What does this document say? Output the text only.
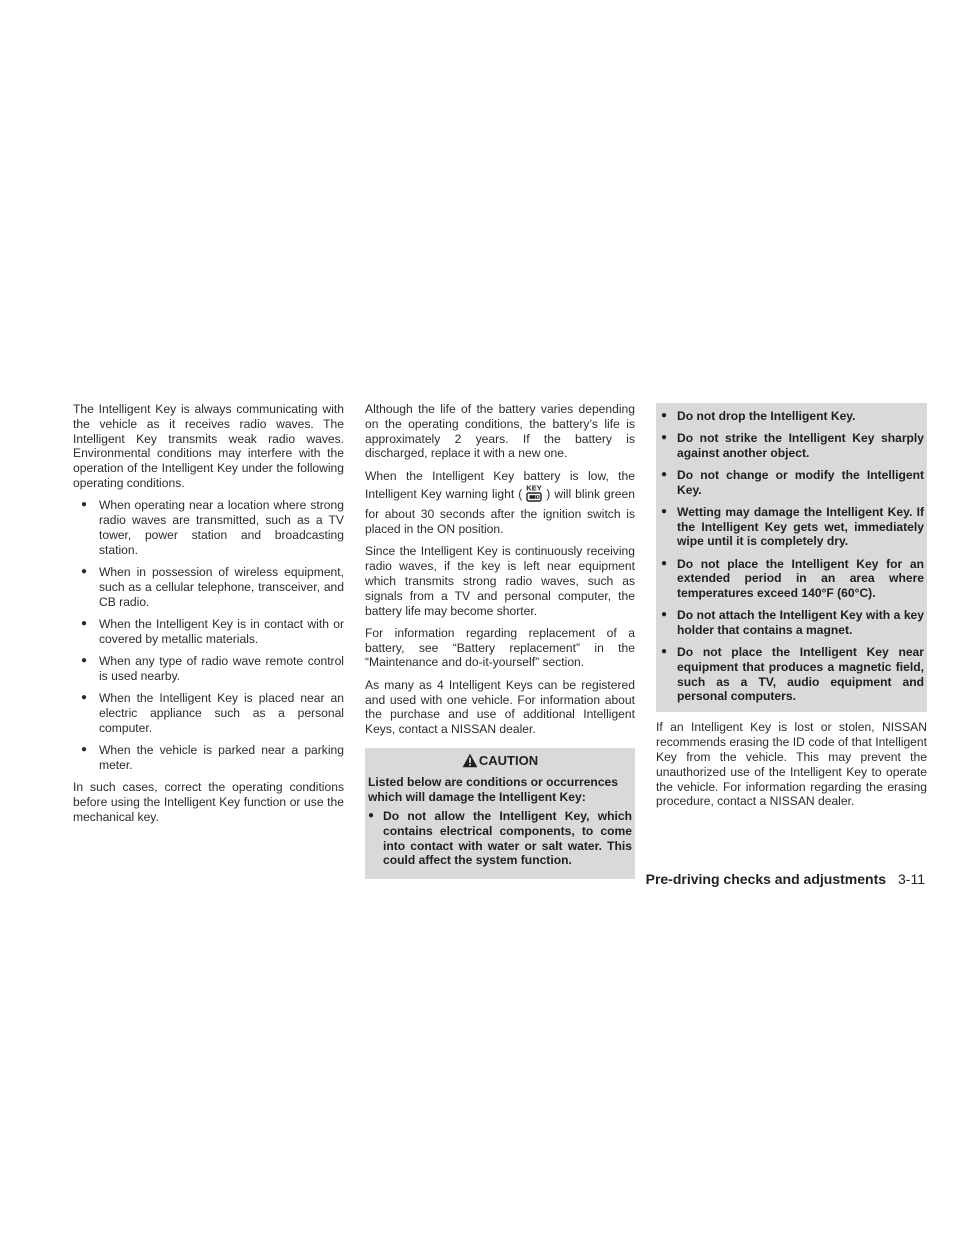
The Intelligent Key is always communicating with the vehicle as it receives radio waves. The Intelligent Key transmits weak radio waves. Environmental conditions may interfere with the operation of the Intelligent Key under the following operating conditions.

● When operating near a location where strong radio waves are transmitted, such as a TV tower, power station and broadcasting station.
● When in possession of wireless equipment, such as a cellular telephone, transceiver, and CB radio.
● When the Intelligent Key is in contact with or covered by metallic materials.
● When any type of radio wave remote control is used nearby.
● When the Intelligent Key is placed near an electric appliance such as a personal computer.
● When the vehicle is parked near a parking meter.

In such cases, correct the operating conditions before using the Intelligent Key function or use the mechanical key.

Although the life of the battery varies depending on the operating conditions, the battery’s life is approximately 2 years. If the battery is discharged, replace it with a new one.

When the Intelligent Key battery is low, the Intelligent Key warning light ( KEY ) will blink green for about 30 seconds after the ignition switch is placed in the ON position.

Since the Intelligent Key is continuously receiving radio waves, if the key is left near equipment which transmits strong radio waves, such as signals from a TV and personal computer, the battery life may become shorter.

For information regarding replacement of a battery, see “Battery replacement” in the “Maintenance and do-it-yourself” section.

As many as 4 Intelligent Keys can be registered and used with one vehicle. For information about the purchase and use of additional Intelligent Keys, contact a NISSAN dealer.

CAUTION

Listed below are conditions or occurrences which will damage the Intelligent Key:

● Do not allow the Intelligent Key, which contains electrical components, to come into contact with water or salt water. This could affect the system function.
● Do not drop the Intelligent Key.
● Do not strike the Intelligent Key sharply against another object.
● Do not change or modify the Intelligent Key.
● Wetting may damage the Intelligent Key. If the Intelligent Key gets wet, immediately wipe until it is completely dry.
● Do not place the Intelligent Key for an extended period in an area where temperatures exceed 140°F (60°C).
● Do not attach the Intelligent Key with a key holder that contains a magnet.
● Do not place the Intelligent Key near equipment that produces a magnetic field, such as a TV, audio equipment and personal computers.

If an Intelligent Key is lost or stolen, NISSAN recommends erasing the ID code of that Intelligent Key from the vehicle. This may prevent the unauthorized use of the Intelligent Key to operate the vehicle. For information regarding the erasing procedure, contact a NISSAN dealer.

Pre-driving checks and adjustments 3-11
